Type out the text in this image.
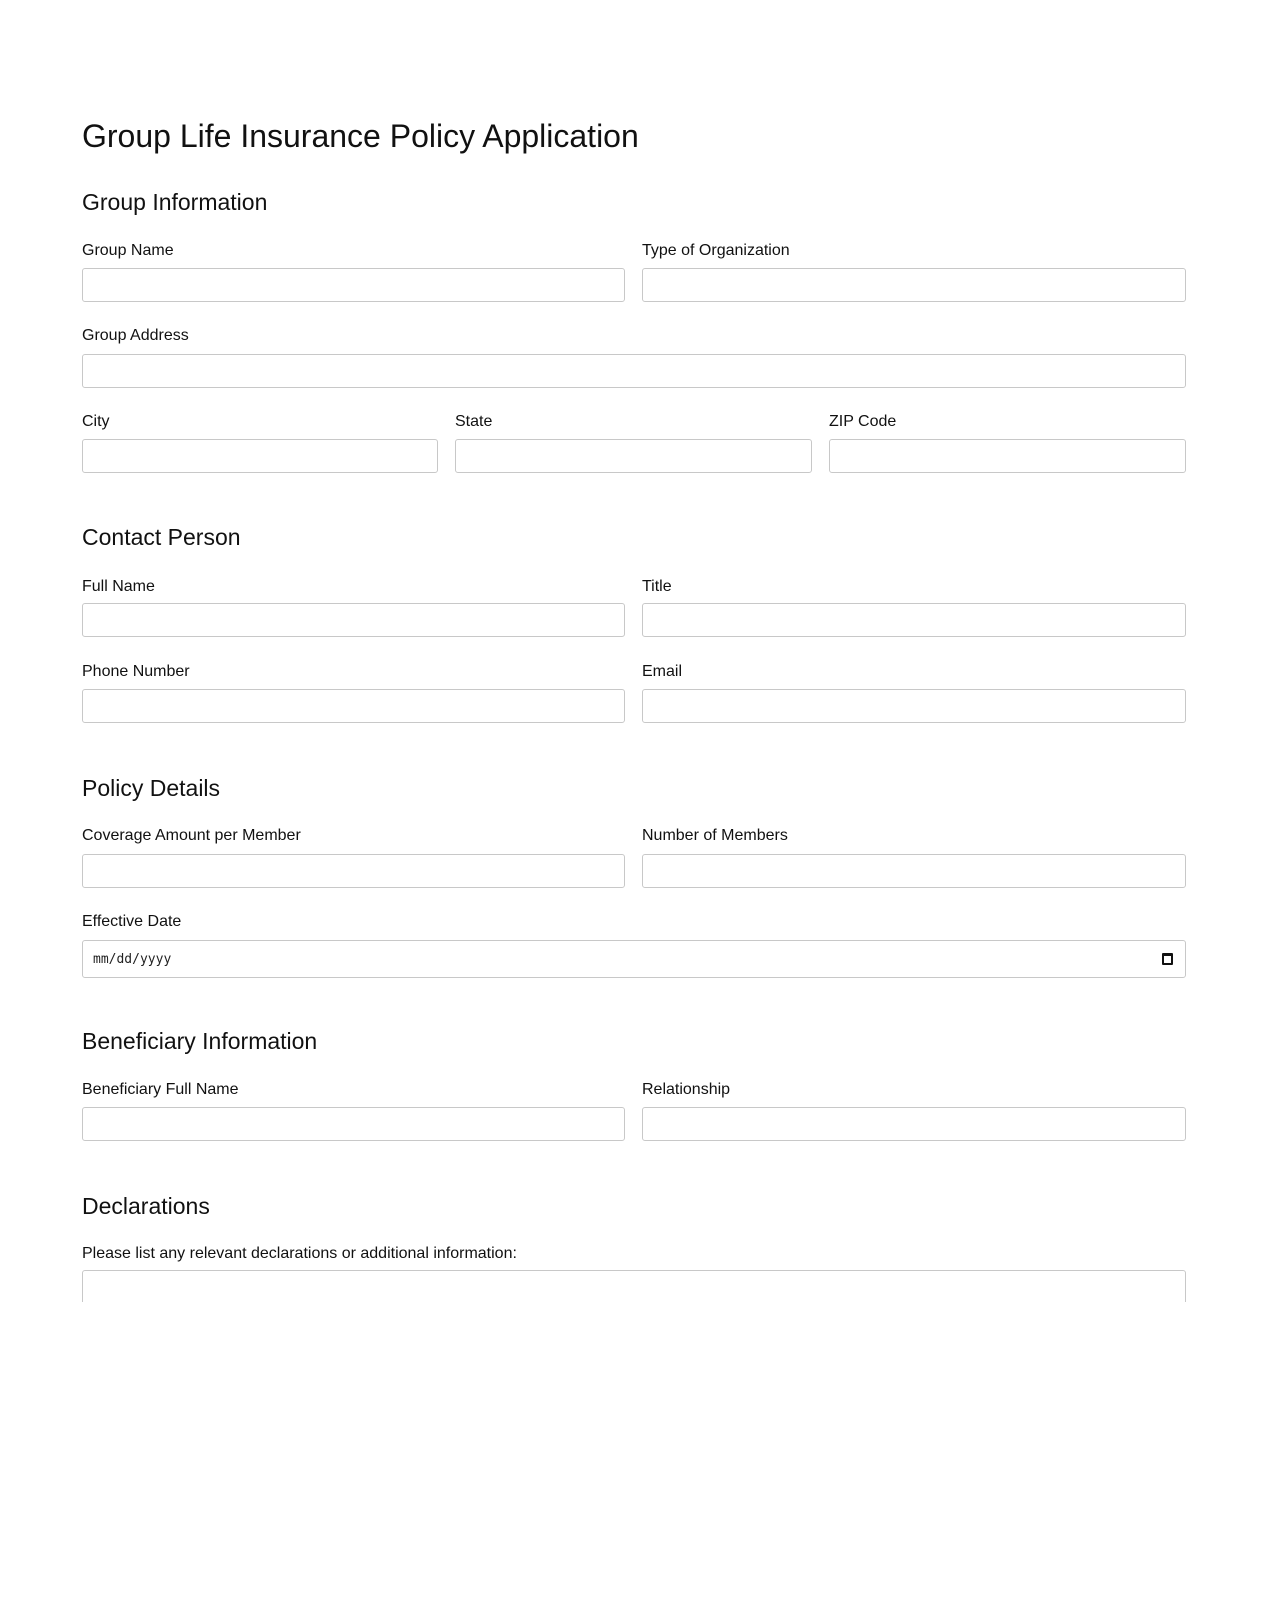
Group Life Insurance Policy Application
Group Information
Group Name	Type of Organization
Group Address
City	State	ZIP Code
Contact Person
Full Name	Title
Phone Number	Email
Policy Details
Coverage Amount per Member	Number of Members
Effective Date
mm/dd/yyyy
Beneficiary Information
Beneficiary Full Name	Relationship
Declarations
Please list any relevant declarations or additional information:
